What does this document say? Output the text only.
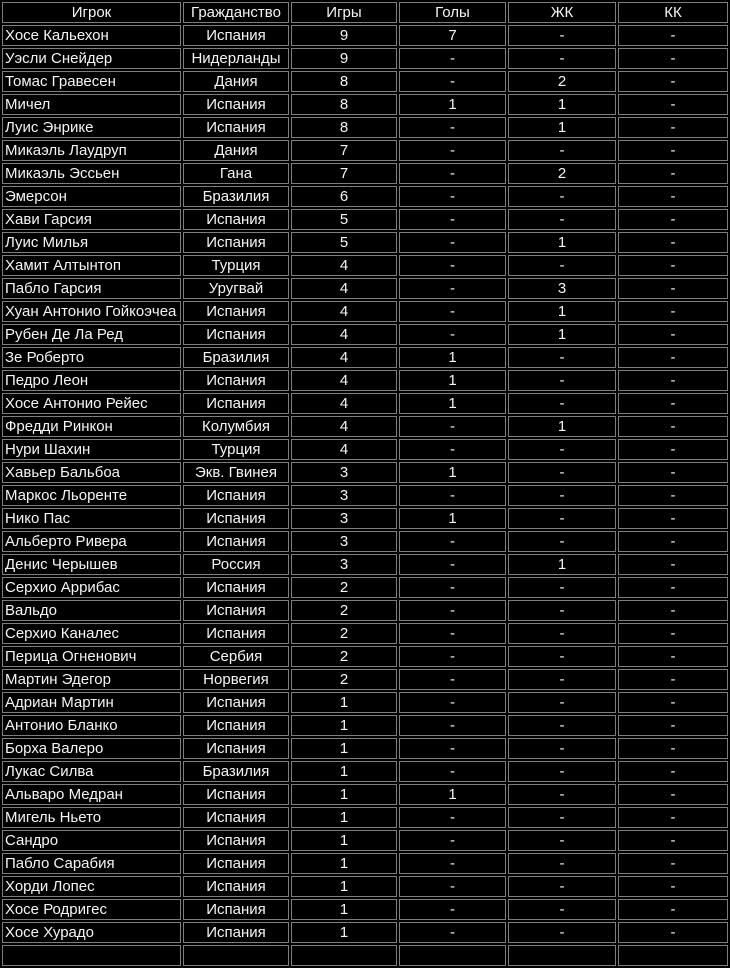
Игрок	Гражданство	Игры	Голы	ЖК	КК
Хосе Кальехон	Испания	9	7	-	-
Уэсли Снейдер	Нидерланды	9	-	-	-
Томас Гравесен	Дания	8	-	2	-
Мичел	Испания	8	1	1	-
Луис Энрике	Испания	8	-	1	-
Микаэль Лаудруп	Дания	7	-	-	-
Микаэль Эссьен	Гана	7	-	2	-
Эмерсон	Бразилия	6	-	-	-
Хави Гарсия	Испания	5	-	-	-
Луис Милья	Испания	5	-	1	-
Хамит Алтынтоп	Турция	4	-	-	-
Пабло Гарсия	Уругвай	4	-	3	-
Хуан Антонио Гойкоэчеа	Испания	4	-	1	-
Рубен Де Ла Ред	Испания	4	-	1	-
Зе Роберто	Бразилия	4	1	-	-
Педро Леон	Испания	4	1	-	-
Хосе Антонио Рейес	Испания	4	1	-	-
Фредди Ринкон	Колумбия	4	-	1	-
Нури Шахин	Турция	4	-	-	-
Хавьер Бальбоа	Экв. Гвинея	3	1	-	-
Маркос Льоренте	Испания	3	-	-	-
Нико Пас	Испания	3	1	-	-
Альберто Ривера	Испания	3	-	-	-
Денис Черышев	Россия	3	-	1	-
Серхио Аррибас	Испания	2	-	-	-
Вальдо	Испания	2	-	-	-
Серхио Каналес	Испания	2	-	-	-
Перица Огненович	Сербия	2	-	-	-
Мартин Эдегор	Норвегия	2	-	-	-
Адриан Мартин	Испания	1	-	-	-
Антонио Бланко	Испания	1	-	-	-
Борха Валеро	Испания	1	-	-	-
Лукас Силва	Бразилия	1	-	-	-
Альваро Медран	Испания	1	1	-	-
Мигель Ньето	Испания	1	-	-	-
Сандро	Испания	1	-	-	-
Пабло Сарабия	Испания	1	-	-	-
Хорди Лопес	Испания	1	-	-	-
Хосе Родригес	Испания	1	-	-	-
Хосе Хурадо	Испания	1	-	-	-
